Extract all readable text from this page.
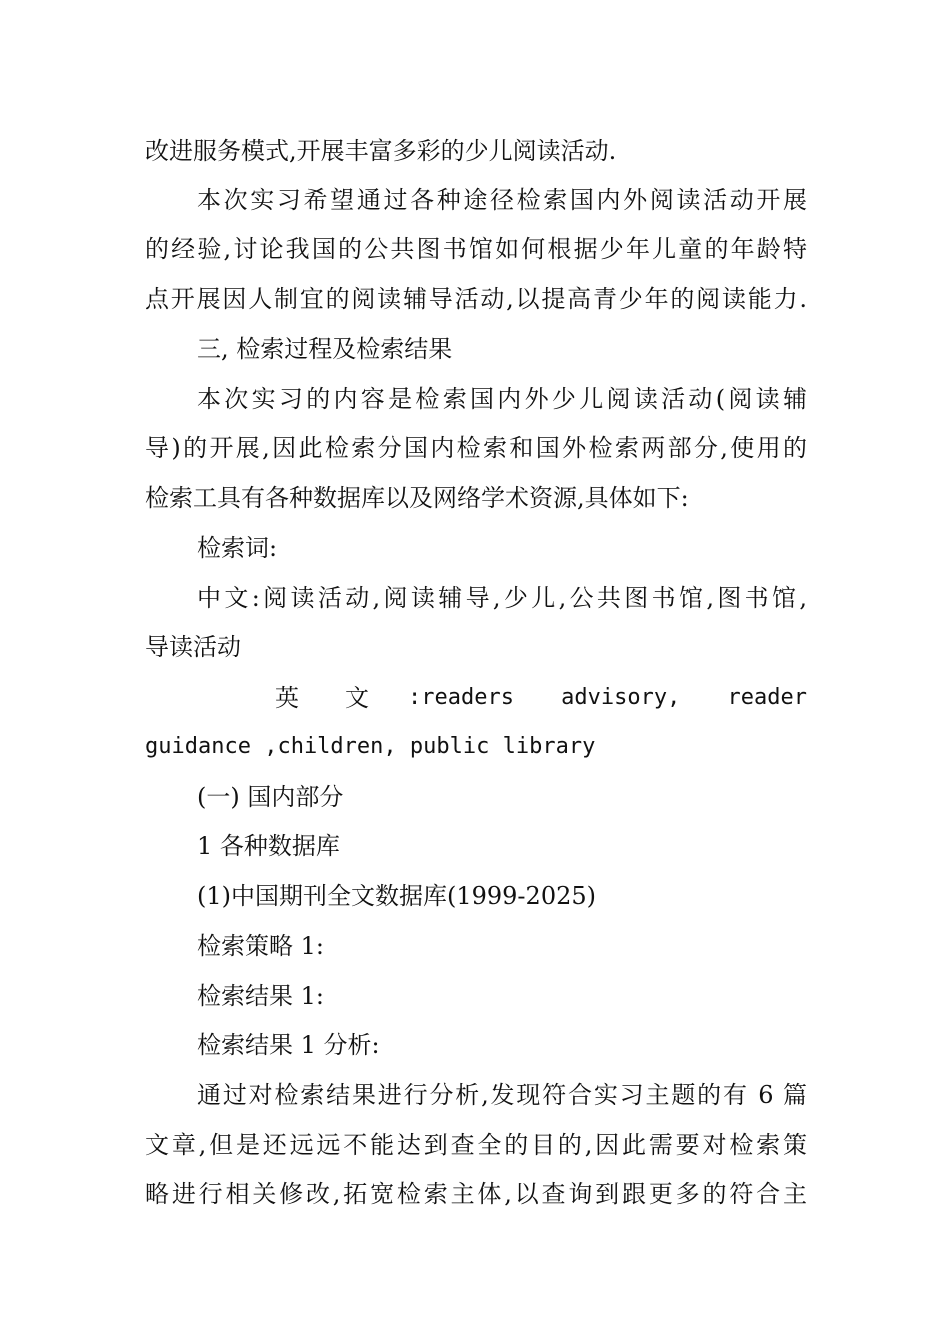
改进服务模式,开展丰富多彩的少儿阅读活动.
本次实习希望通过各种途径检索国内外阅读活动开展
的经验,讨论我国的公共图书馆如何根据少年儿童的年龄特
点开展因人制宜的阅读辅导活动,以提高青少年的阅读能力.
三, 检索过程及检索结果
本次实习的内容是检索国内外少儿阅读活动(阅读辅
导)的开展,因此检索分国内检索和国外检索两部分,使用的
检索工具有各种数据库以及网络学术资源,具体如下:
检索词:
中文:阅读活动,阅读辅导,少儿,公共图书馆,图书馆,
导读活动
英 文 :readers advisory, reader
guidance ,children, public library
(一) 国内部分
1 各种数据库
(1)中国期刊全文数据库(1999-2025)
检索策略 1:
检索结果 1:
检索结果 1 分析:
通过对检索结果进行分析,发现符合实习主题的有 6 篇
文章,但是还远远不能达到查全的目的,因此需要对检索策
略进行相关修改,拓宽检索主体,以查询到跟更多的符合主
